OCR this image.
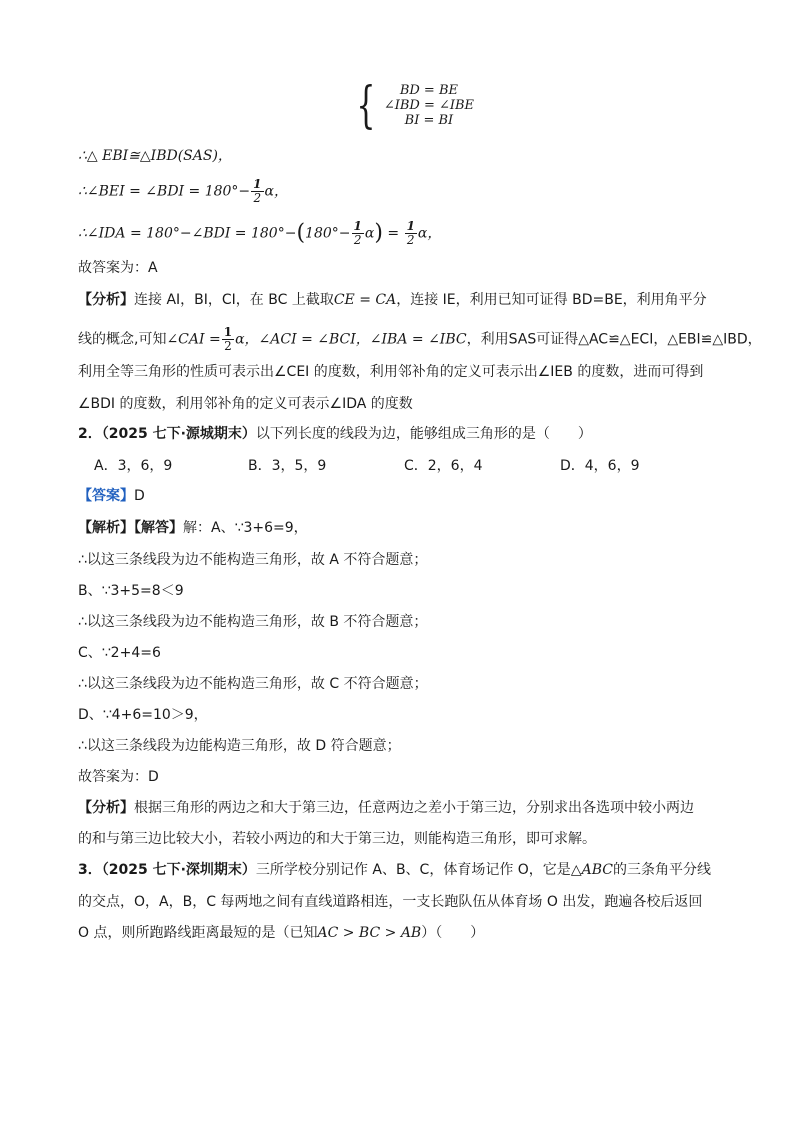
{ BD = BE
∠IBD = ∠IBE
BI = BI
∴△ EBI≅△IBD(SAS)，
∴∠BEI = ∠BDI = $180^\circ- \frac{1}{2}$ α，
∴∠IDA = 180°−∠BDI = $180^\circ-(180^\circ- \frac{1}{2} \alpha) = \frac{1}{2}$ α，
故答案为：A
【分析】连接 AI，BI，CI，在 BC 上截取CE = CA，连接 IE，利用已知可证得 BD=BE，利用角平分
线的概念,可知∠CAI = $\frac{1}{2}$ α，∠ACI = ∠BCI，∠IBA = ∠IBC，利用SAS可证得△AC≌△ECI，△EBI≌△IBD，
利用全等三角形的性质可表示出∠CEI 的度数，利用邻补角的定义可表示出∠IEB 的度数，进而可得到
∠BDI 的度数，利用邻补角的定义可表示∠IDA 的度数
2．（2025 七下·源城期末）以下列长度的线段为边，能够组成三角形的是（　　）
A．3，6，9	B．3，5，9	C．2，6，4	D．4，6，9
【答案】D
【解析】【解答】解：A、∵3+6=9，
∴以这三条线段为边不能构造三角形，故 A 不符合题意；
B、∵3+5=8＜9
∴以这三条线段为边不能构造三角形，故 B 不符合题意；
C、∵2+4=6
∴以这三条线段为边不能构造三角形，故 C 不符合题意；
D、∵4+6=10＞9，
∴以这三条线段为边能构造三角形，故 D 符合题意；
故答案为：D
【分析】根据三角形的两边之和大于第三边，任意两边之差小于第三边，分别求出各选项中较小两边
的和与第三边比较大小，若较小两边的和大于第三边，则能构造三角形，即可求解。
3．（2025 七下·深圳期末）三所学校分别记作 A、B、C，体育场记作 O，它是△ABC的三条角平分线
的交点，O，A，B，C 每两地之间有直线道路相连，一支长跑队伍从体育场 O 出发，跑遍各校后返回
O 点，则所跑路线距离最短的是（已知AC > BC > AB）（　　）
